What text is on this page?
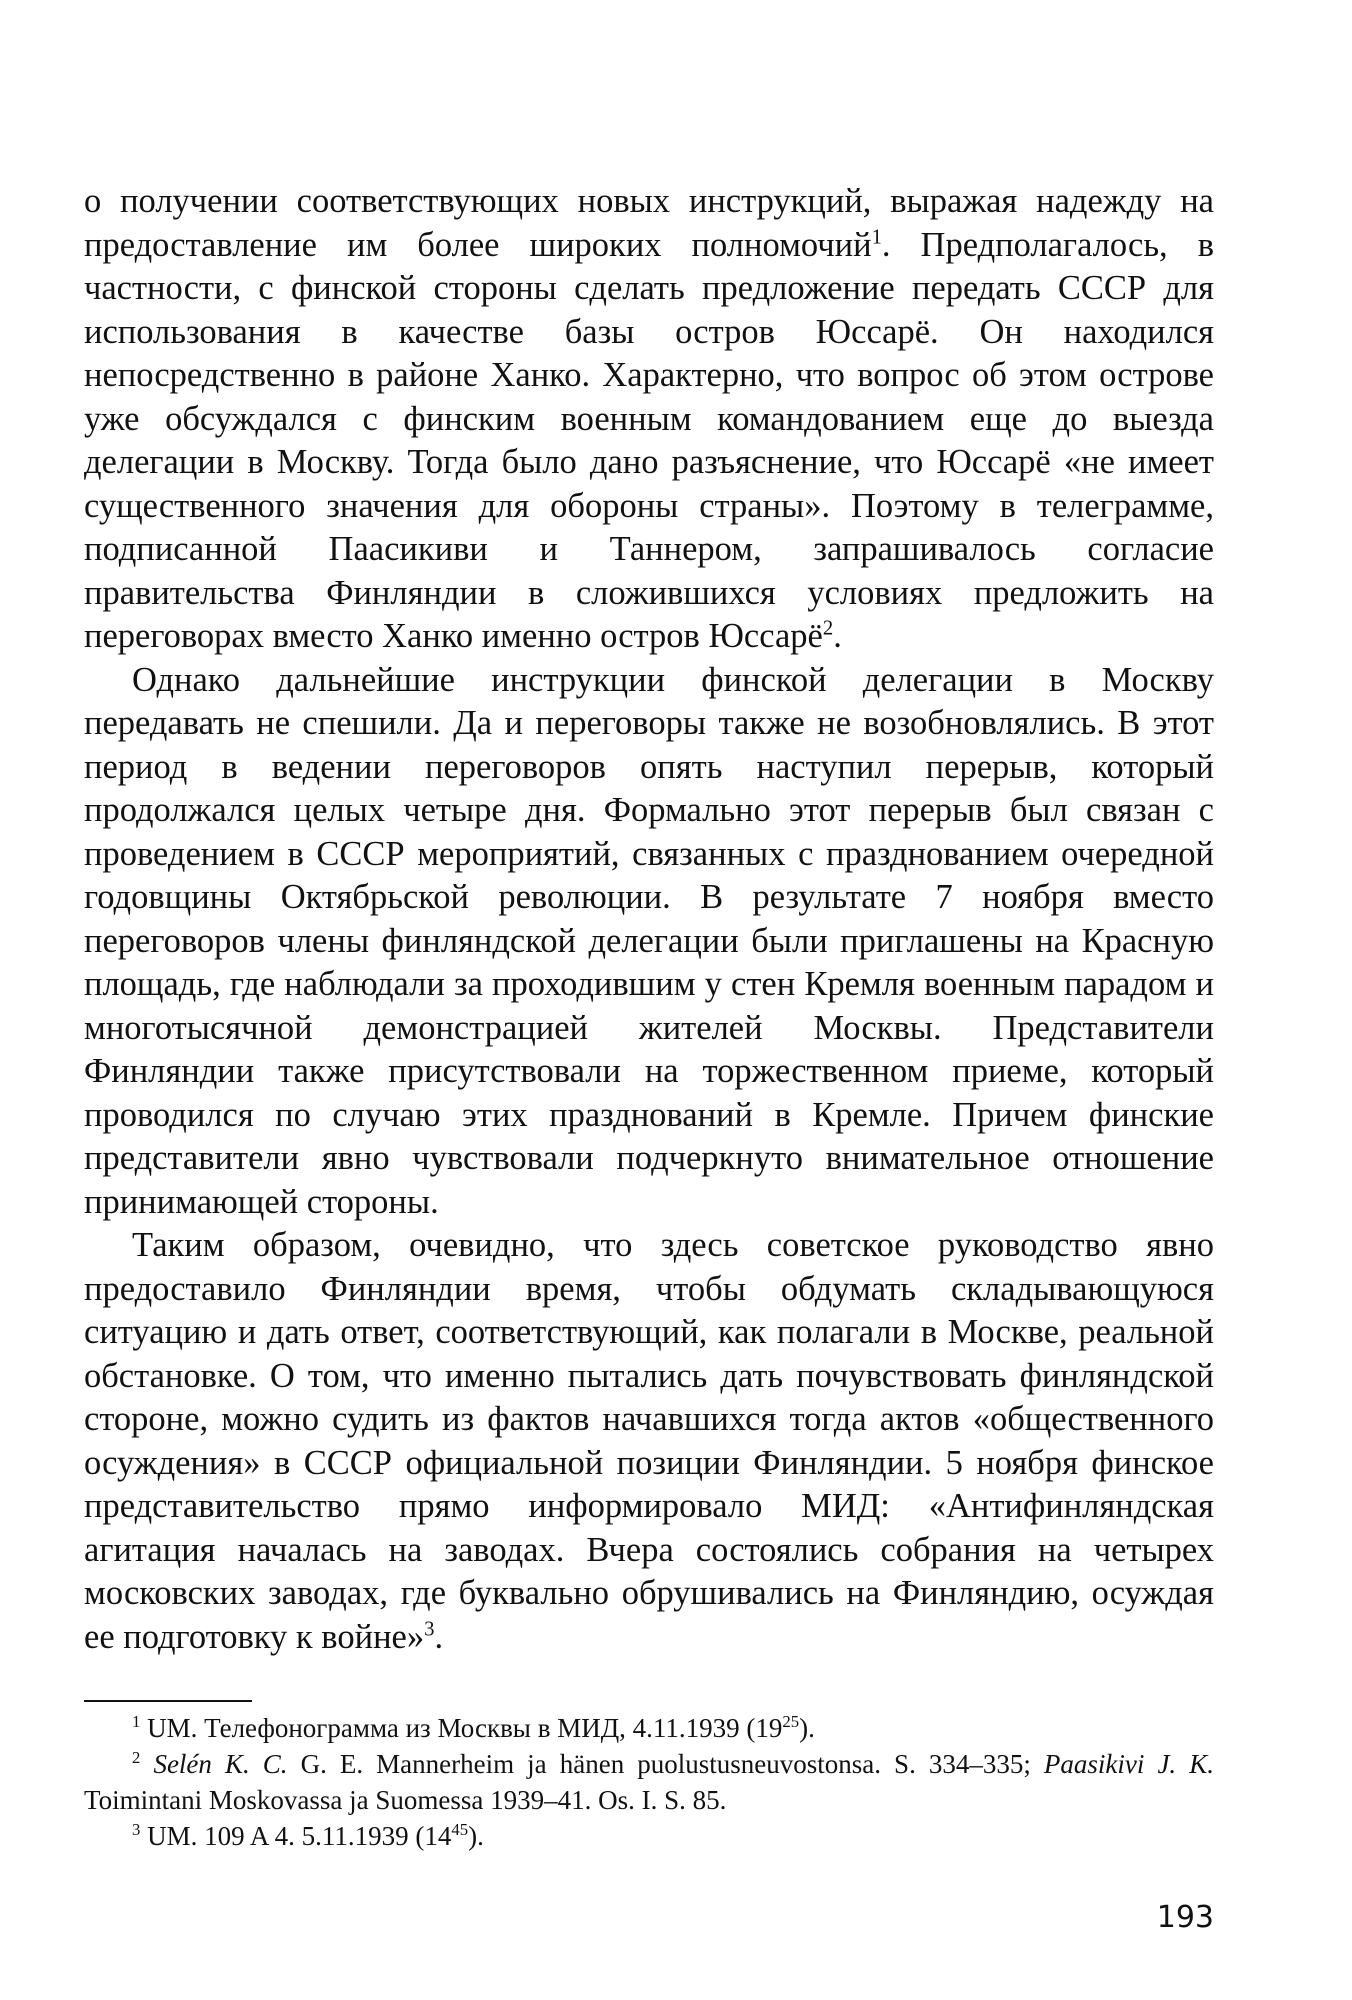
о получении соответствующих новых инструкций, выражая надежду на предоставление им более широких полномочий$^1$. Предполагалось, в частности, с финской стороны сделать предложение передать СССР для использования в качестве базы остров Юссарё. Он находился непосредственно в районе Ханко. Характерно, что вопрос об этом острове уже обсуждался с финским военным командованием еще до выезда делегации в Москву. Тогда было дано разъяснение, что Юссарё «не имеет существенного значения для обороны страны». Поэтому в телеграмме, подписанной Паасикиви и Таннером, запрашивалось согласие правительства Финляндии в сложившихся условиях предложить на переговорах вместо Ханко именно остров Юссарё$^2$.

Однако дальнейшие инструкции финской делегации в Москву передавать не спешили. Да и переговоры также не возобновлялись. В этот период в ведении переговоров опять наступил перерыв, который продолжался целых четыре дня. Формально этот перерыв был связан с проведением в СССР мероприятий, связанных с празднованием очередной годовщины Октябрьской революции. В результате 7 ноября вместо переговоров члены финляндской делегации были приглашены на Красную площадь, где наблюдали за проходившим у стен Кремля военным парадом и многотысячной демонстрацией жителей Москвы. Представители Финляндии также присутствовали на торжественном приеме, который проводился по случаю этих празднований в Кремле. Причем финские представители явно чувствовали подчеркнуто внимательное отношение принимающей стороны.

Таким образом, очевидно, что здесь советское руководство явно предоставило Финляндии время, чтобы обдумать складывающуюся ситуацию и дать ответ, соответствующий, как полагали в Москве, реальной обстановке. О том, что именно пытались дать почувствовать финляндской стороне, можно судить из фактов начавшихся тогда актов «общественного осуждения» в СССР официальной позиции Финляндии. 5 ноября финское представительство прямо информировало МИД: «Антифинляндская агитация началась на заводах. Вчера состоялись собрания на четырех московских заводах, где буквально обрушивались на Финляндию, осуждая ее подготовку к войне»$^3$.

$^1$ UM. Телефонограмма из Москвы в МИД, 4.11.1939 $(19^{25})$.

$^2$ Selén K. C. G. E. Mannerheim ja hänen puolustusneuvostonsa. S. 334–335; Paasikivi J. K. Toimintani Moskovassa ja Suomessa 1939–41. Os. I. S. 85.

$^3$ UM. 109 A 4. 5.11.1939 $(14^{45})$.

193
